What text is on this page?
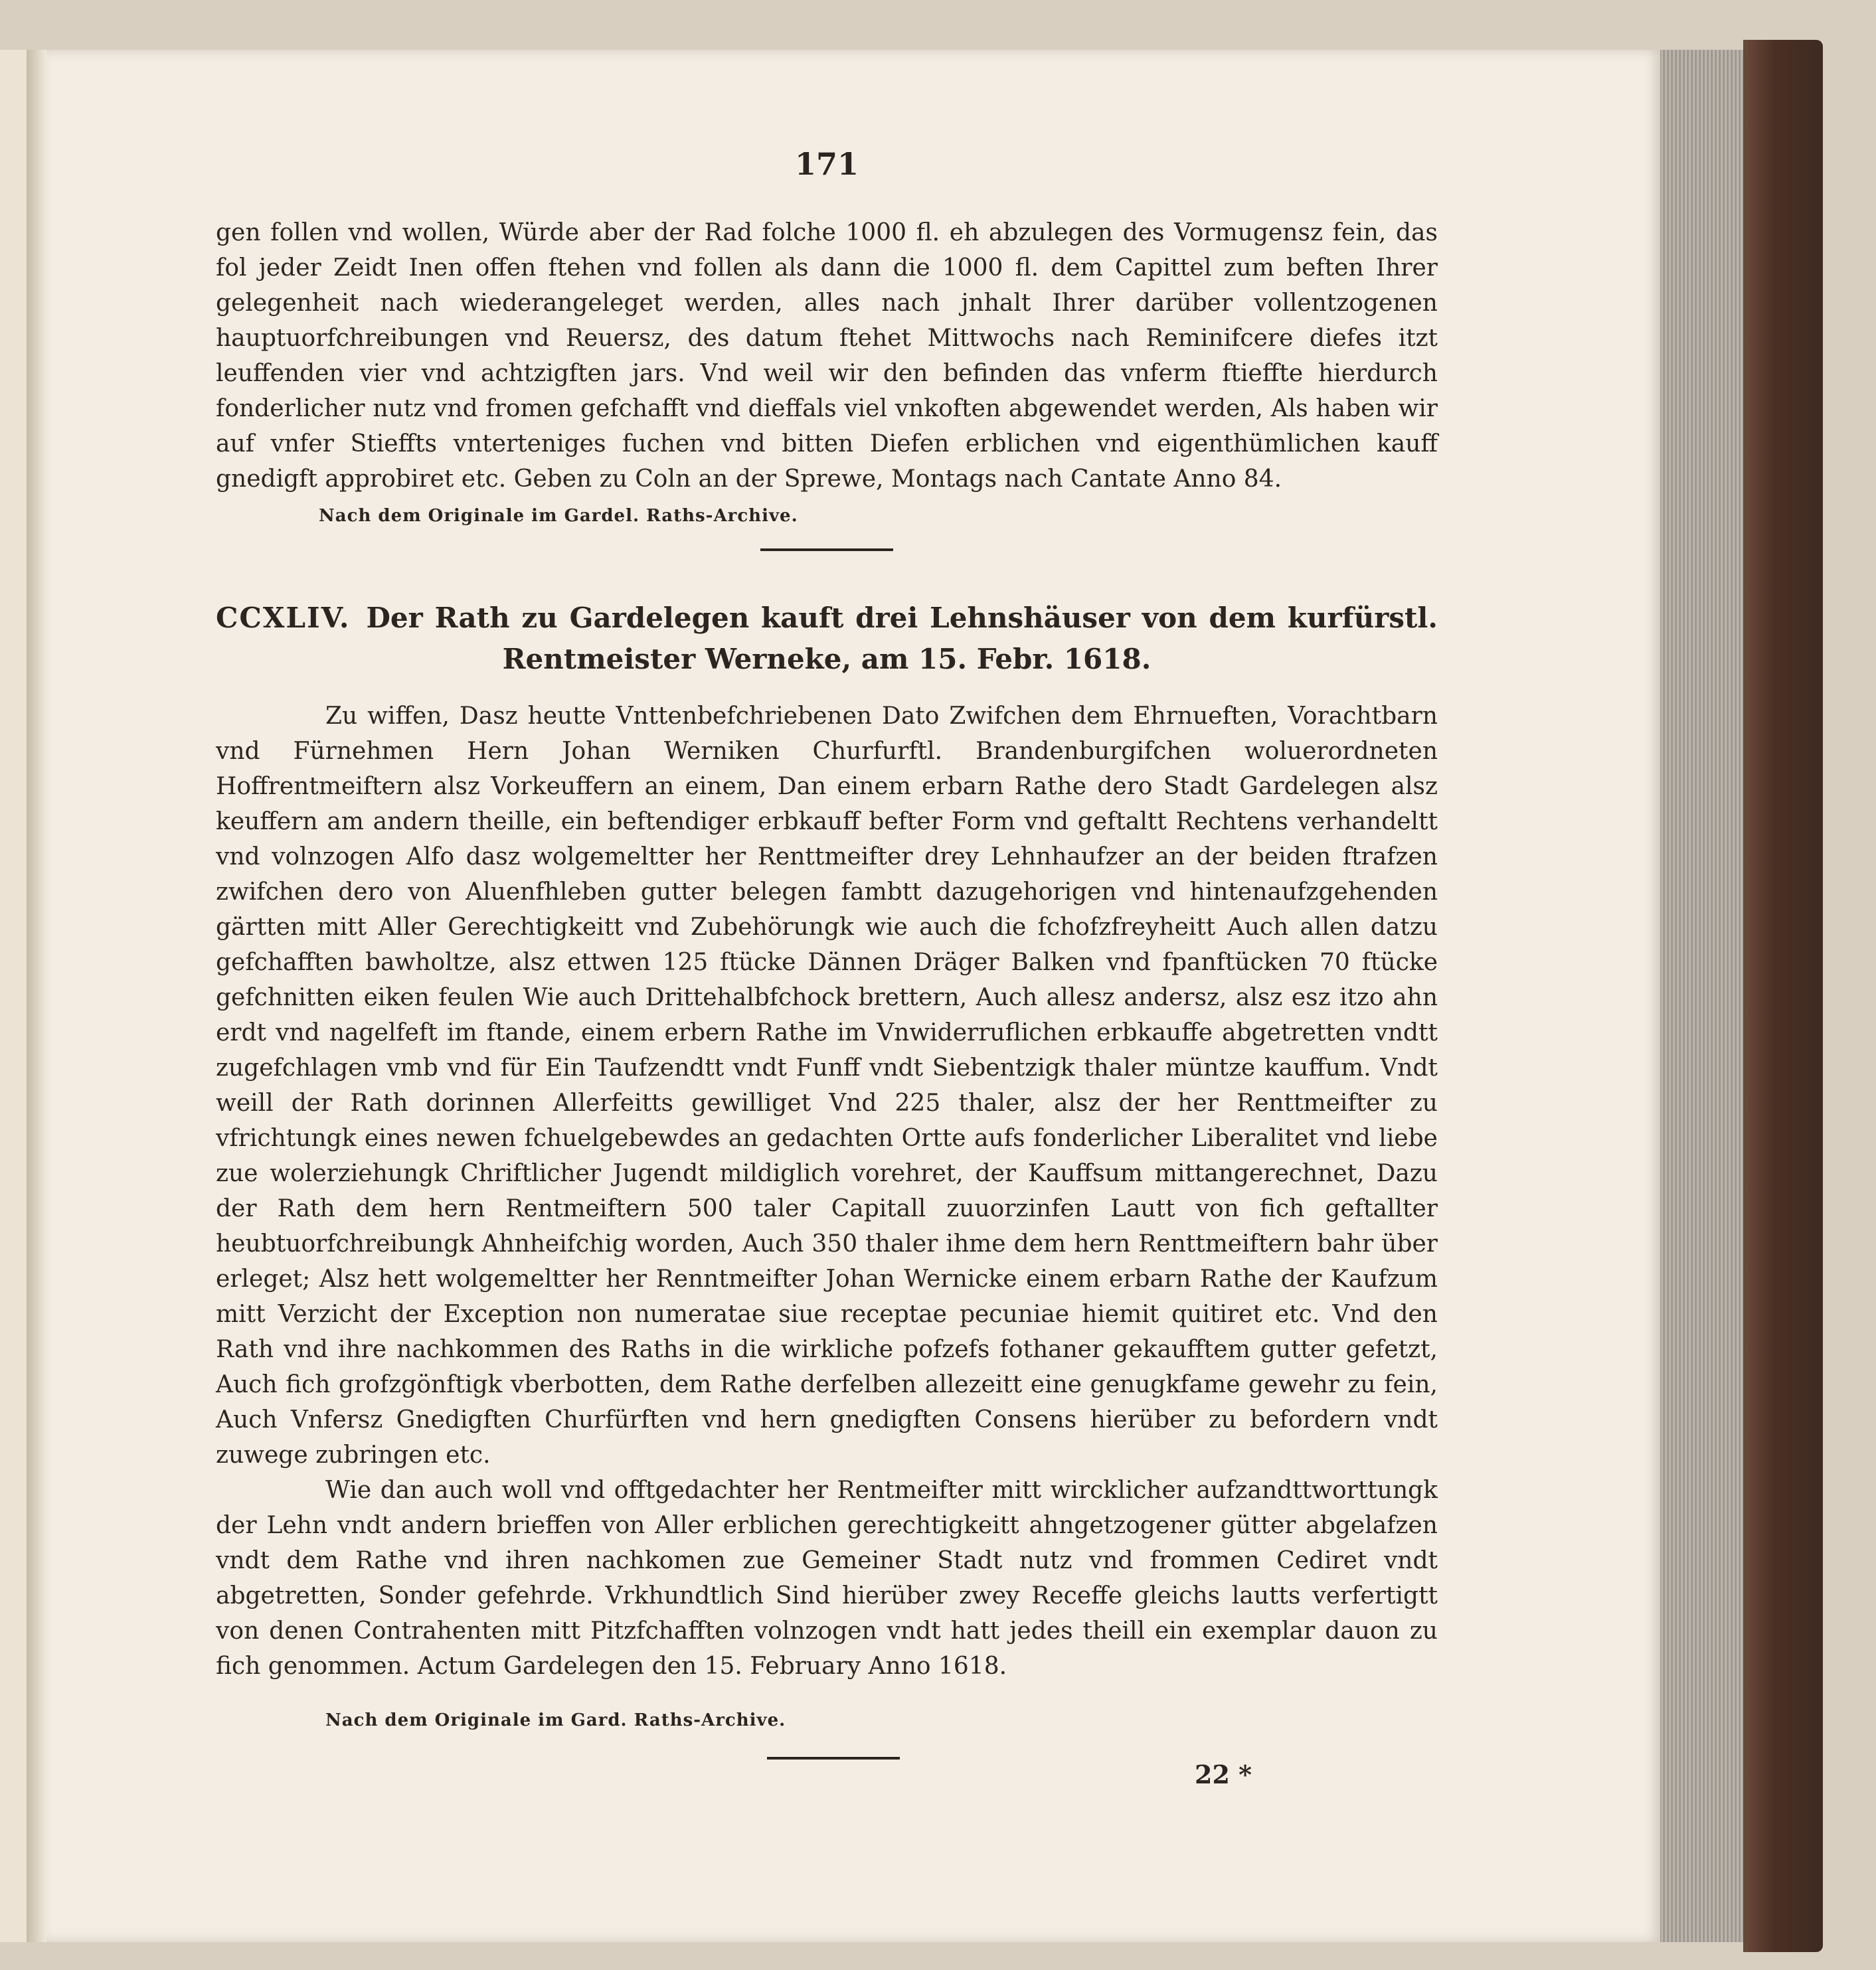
171

gen follen vnd wollen, Würde aber der Rad folche 1000 fl. eh abzulegen des Vormugensz fein, das fol jeder Zeidt Inen offen ftehen vnd follen als dann die 1000 fl. dem Capittel zum beften Ihrer gelegenheit nach wiederangeleget werden, alles nach jnhalt Ihrer darüber vollentzogenen hauptuorfchreibungen vnd Reuersz, des datum ftehet Mittwochs nach Reminifcere diefes itzt leuffenden vier vnd achtzigften jars. Vnd weil wir den befinden das vnferm ftieffte hierdurch fonderlicher nutz vnd fromen gefchafft vnd dieffals viel vnkoften abgewendet werden, Als haben wir auf vnfer Stieffts vnterteniges fuchen vnd bitten Diefen erblichen vnd eigenthümlichen kauff gnedigft approbiret etc. Geben zu Coln an der Sprewe, Montags nach Cantate Anno 84.

Nach dem Originale im Gardel. Raths-Archive.
CCXLIV. Der Rath zu Gardelegen kauft drei Lehnshäuser von dem kurfürstl. Rentmeister Werneke, am 15. Febr. 1618.

Zu wiffen, Dasz heutte Vnttenbefchriebenen Dato Zwifchen dem Ehrnueften, Vorachtbarn vnd Fürnehmen Hern Johan Werniken Churfurftl. Brandenburgifchen woluerordneten Hoffrentmeiftern alsz Vorkeuffern an einem, Dan einem erbarn Rathe dero Stadt Gardelegen alsz keuffern am andern theille, ein beftendiger erbkauff befter Form vnd geftaltt Rechtens verhandeltt vnd volnzogen Alfo dasz wolgemeltter her Renttmeifter drey Lehnhaufzer an der beiden ftrafzen zwifchen dero von Aluenfhleben gutter belegen fambtt dazugehorigen vnd hintenaufzgehenden gärtten mitt Aller Gerechtigkeitt vnd Zubehörungk wie auch die fchofzfreyheitt Auch allen datzu gefchafften bawholtze, alsz ettwen 125 ftücke Dännen Dräger Balken vnd fpanftücken 70 ftücke gefchnitten eiken feulen Wie auch Drittehalbfchock brettern, Auch allesz andersz, alsz esz itzo ahn erdt vnd nagelfeft im ftande, einem erbern Rathe im Vnwiderruflichen erbkauffe abgetretten vndtt zugefchlagen vmb vnd für Ein Taufzendtt vndt Funff vndt Siebentzigk thaler müntze kauffum. Vndt weill der Rath dorinnen Allerfeitts gewilliget Vnd 225 thaler, alsz der her Renttmeifter zu vfrichtungk eines newen fchuelgebewdes an gedachten Ortte aufs fonderlicher Liberalitet vnd liebe zue wolerziehungk Chriftlicher Jugendt mildiglich vorehret, der Kauffsum mittangerechnet, Dazu der Rath dem hern Rentmeiftern 500 taler Capitall zuuorzinfen Lautt von fich geftallter heubtuorfchreibungk Ahnheifchig worden, Auch 350 thaler ihme dem hern Renttmeiftern bahr über erleget; Alsz hett wolgemeltter her Renntmeifter Johan Wernicke einem erbarn Rathe der Kaufzum mitt Verzicht der Exception non numeratae siue receptae pecuniae hiemit quitiret etc. Vnd den Rath vnd ihre nachkommen des Raths in die wirkliche pofzefs fothaner gekaufftem gutter gefetzt, Auch fich grofzgönftigk vberbotten, dem Rathe derfelben allezeitt eine genugkfame gewehr zu fein, Auch Vnfersz Gnedigften Churfürften vnd hern gnedigften Consens hierüber zu befordern vndt zuwege zubringen etc.

Wie dan auch woll vnd offtgedachter her Rentmeifter mitt wircklicher aufzandttworttungk der Lehn vndt andern brieffen von Aller erblichen gerechtigkeitt ahngetzogener gütter abgelafzen vndt dem Rathe vnd ihren nachkomen zue Gemeiner Stadt nutz vnd frommen Cediret vndt abgetretten, Sonder gefehrde. Vrkhundtlich Sind hierüber zwey Receffe gleichs lautts verfertigtt von denen Contrahenten mitt Pitzfchafften volnzogen vndt hatt jedes theill ein exemplar dauon zu fich genommen. Actum Gardelegen den 15. February Anno 1618.

Nach dem Originale im Gard. Raths-Archive.
22 *
